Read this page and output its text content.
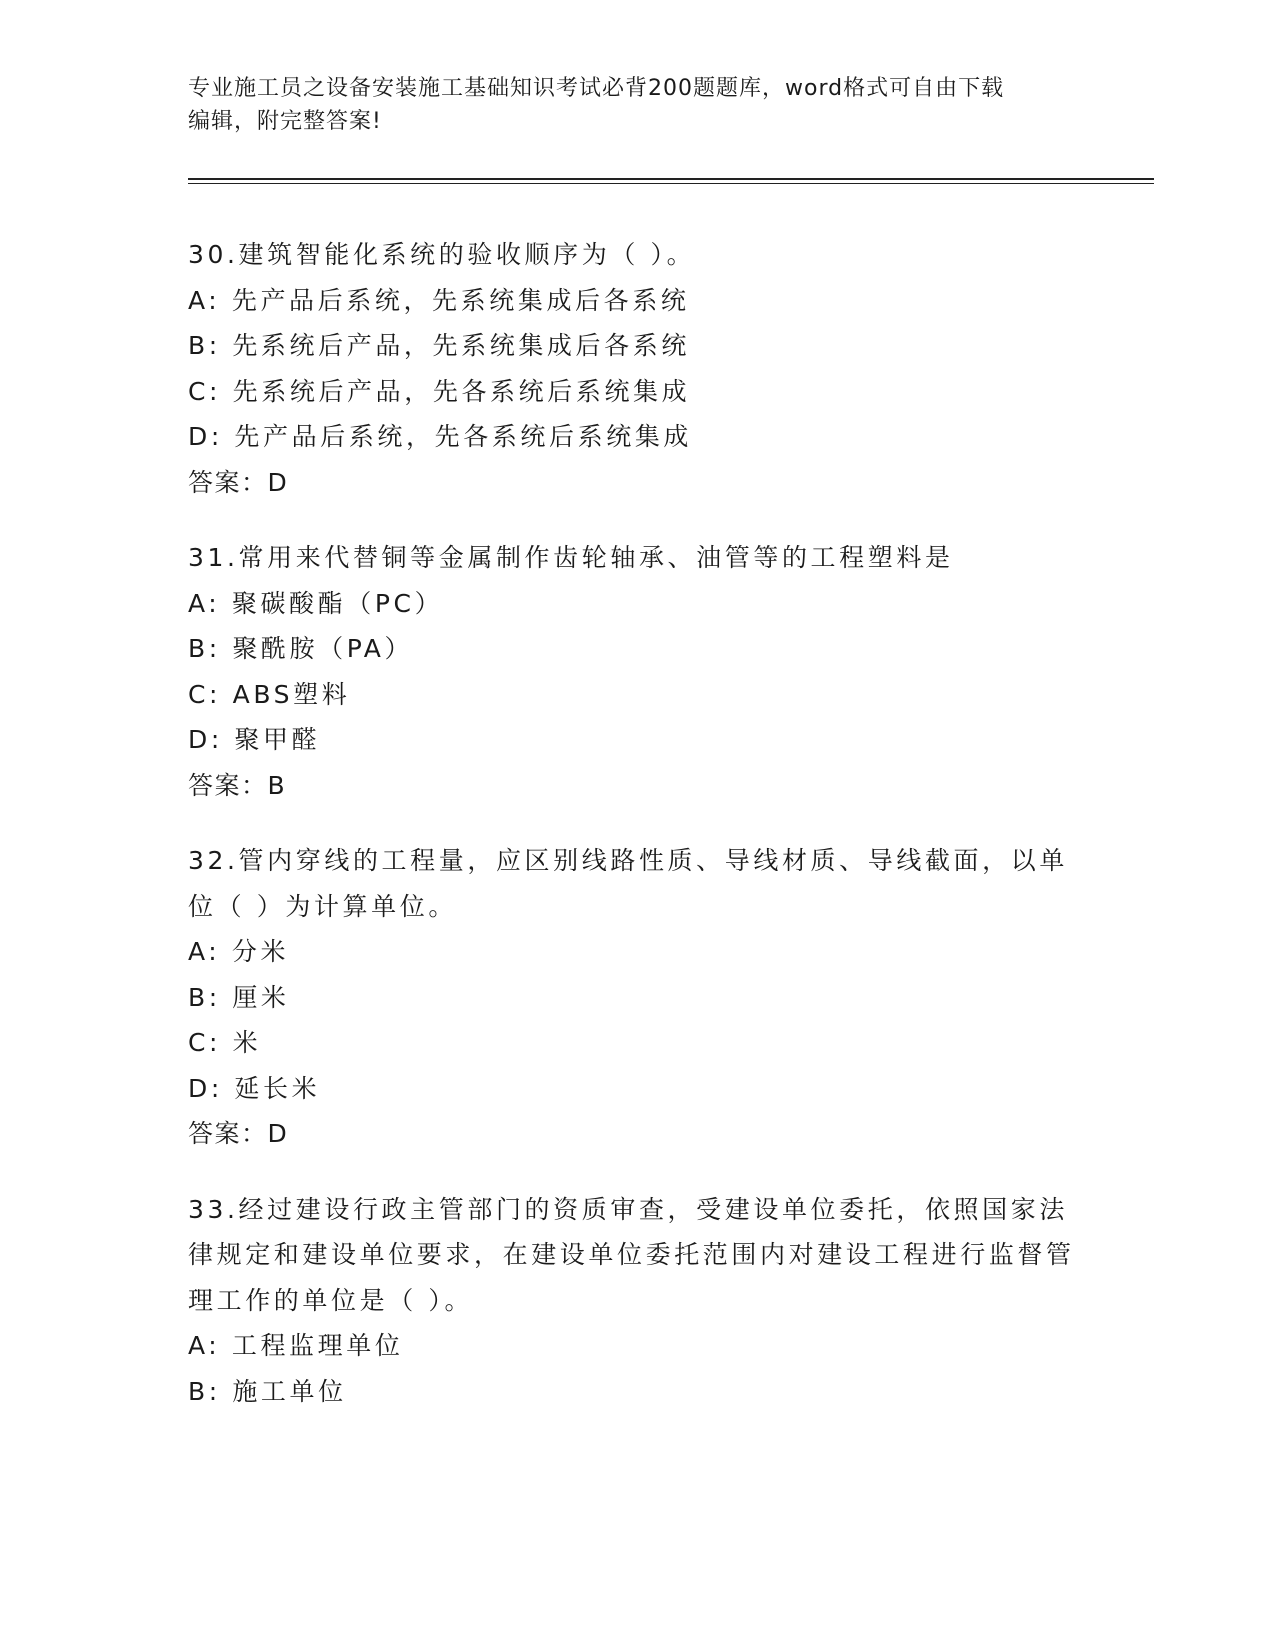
专业施工员之设备安装施工基础知识考试必背200题题库，word格式可自由下载
编辑，附完整答案!
30.建筑智能化系统的验收顺序为（ ）。
A: 先产品后系统，先系统集成后各系统
B: 先系统后产品，先系统集成后各系统
C: 先系统后产品，先各系统后系统集成
D: 先产品后系统，先各系统后系统集成
答案：D
31.常用来代替铜等金属制作齿轮轴承、油管等的工程塑料是
A: 聚碳酸酯（PC）
B: 聚酰胺（PA）
C: ABS塑料
D: 聚甲醛
答案：B
32.管内穿线的工程量，应区别线路性质、导线材质、导线截面，以单位（ ）为计算单位。
A: 分米
B: 厘米
C: 米
D: 延长米
答案：D
33.经过建设行政主管部门的资质审查，受建设单位委托，依照国家法律规定和建设单位要求，在建设单位委托范围内对建设工程进行监督管理工作的单位是（ ）。
A: 工程监理单位
B: 施工单位
